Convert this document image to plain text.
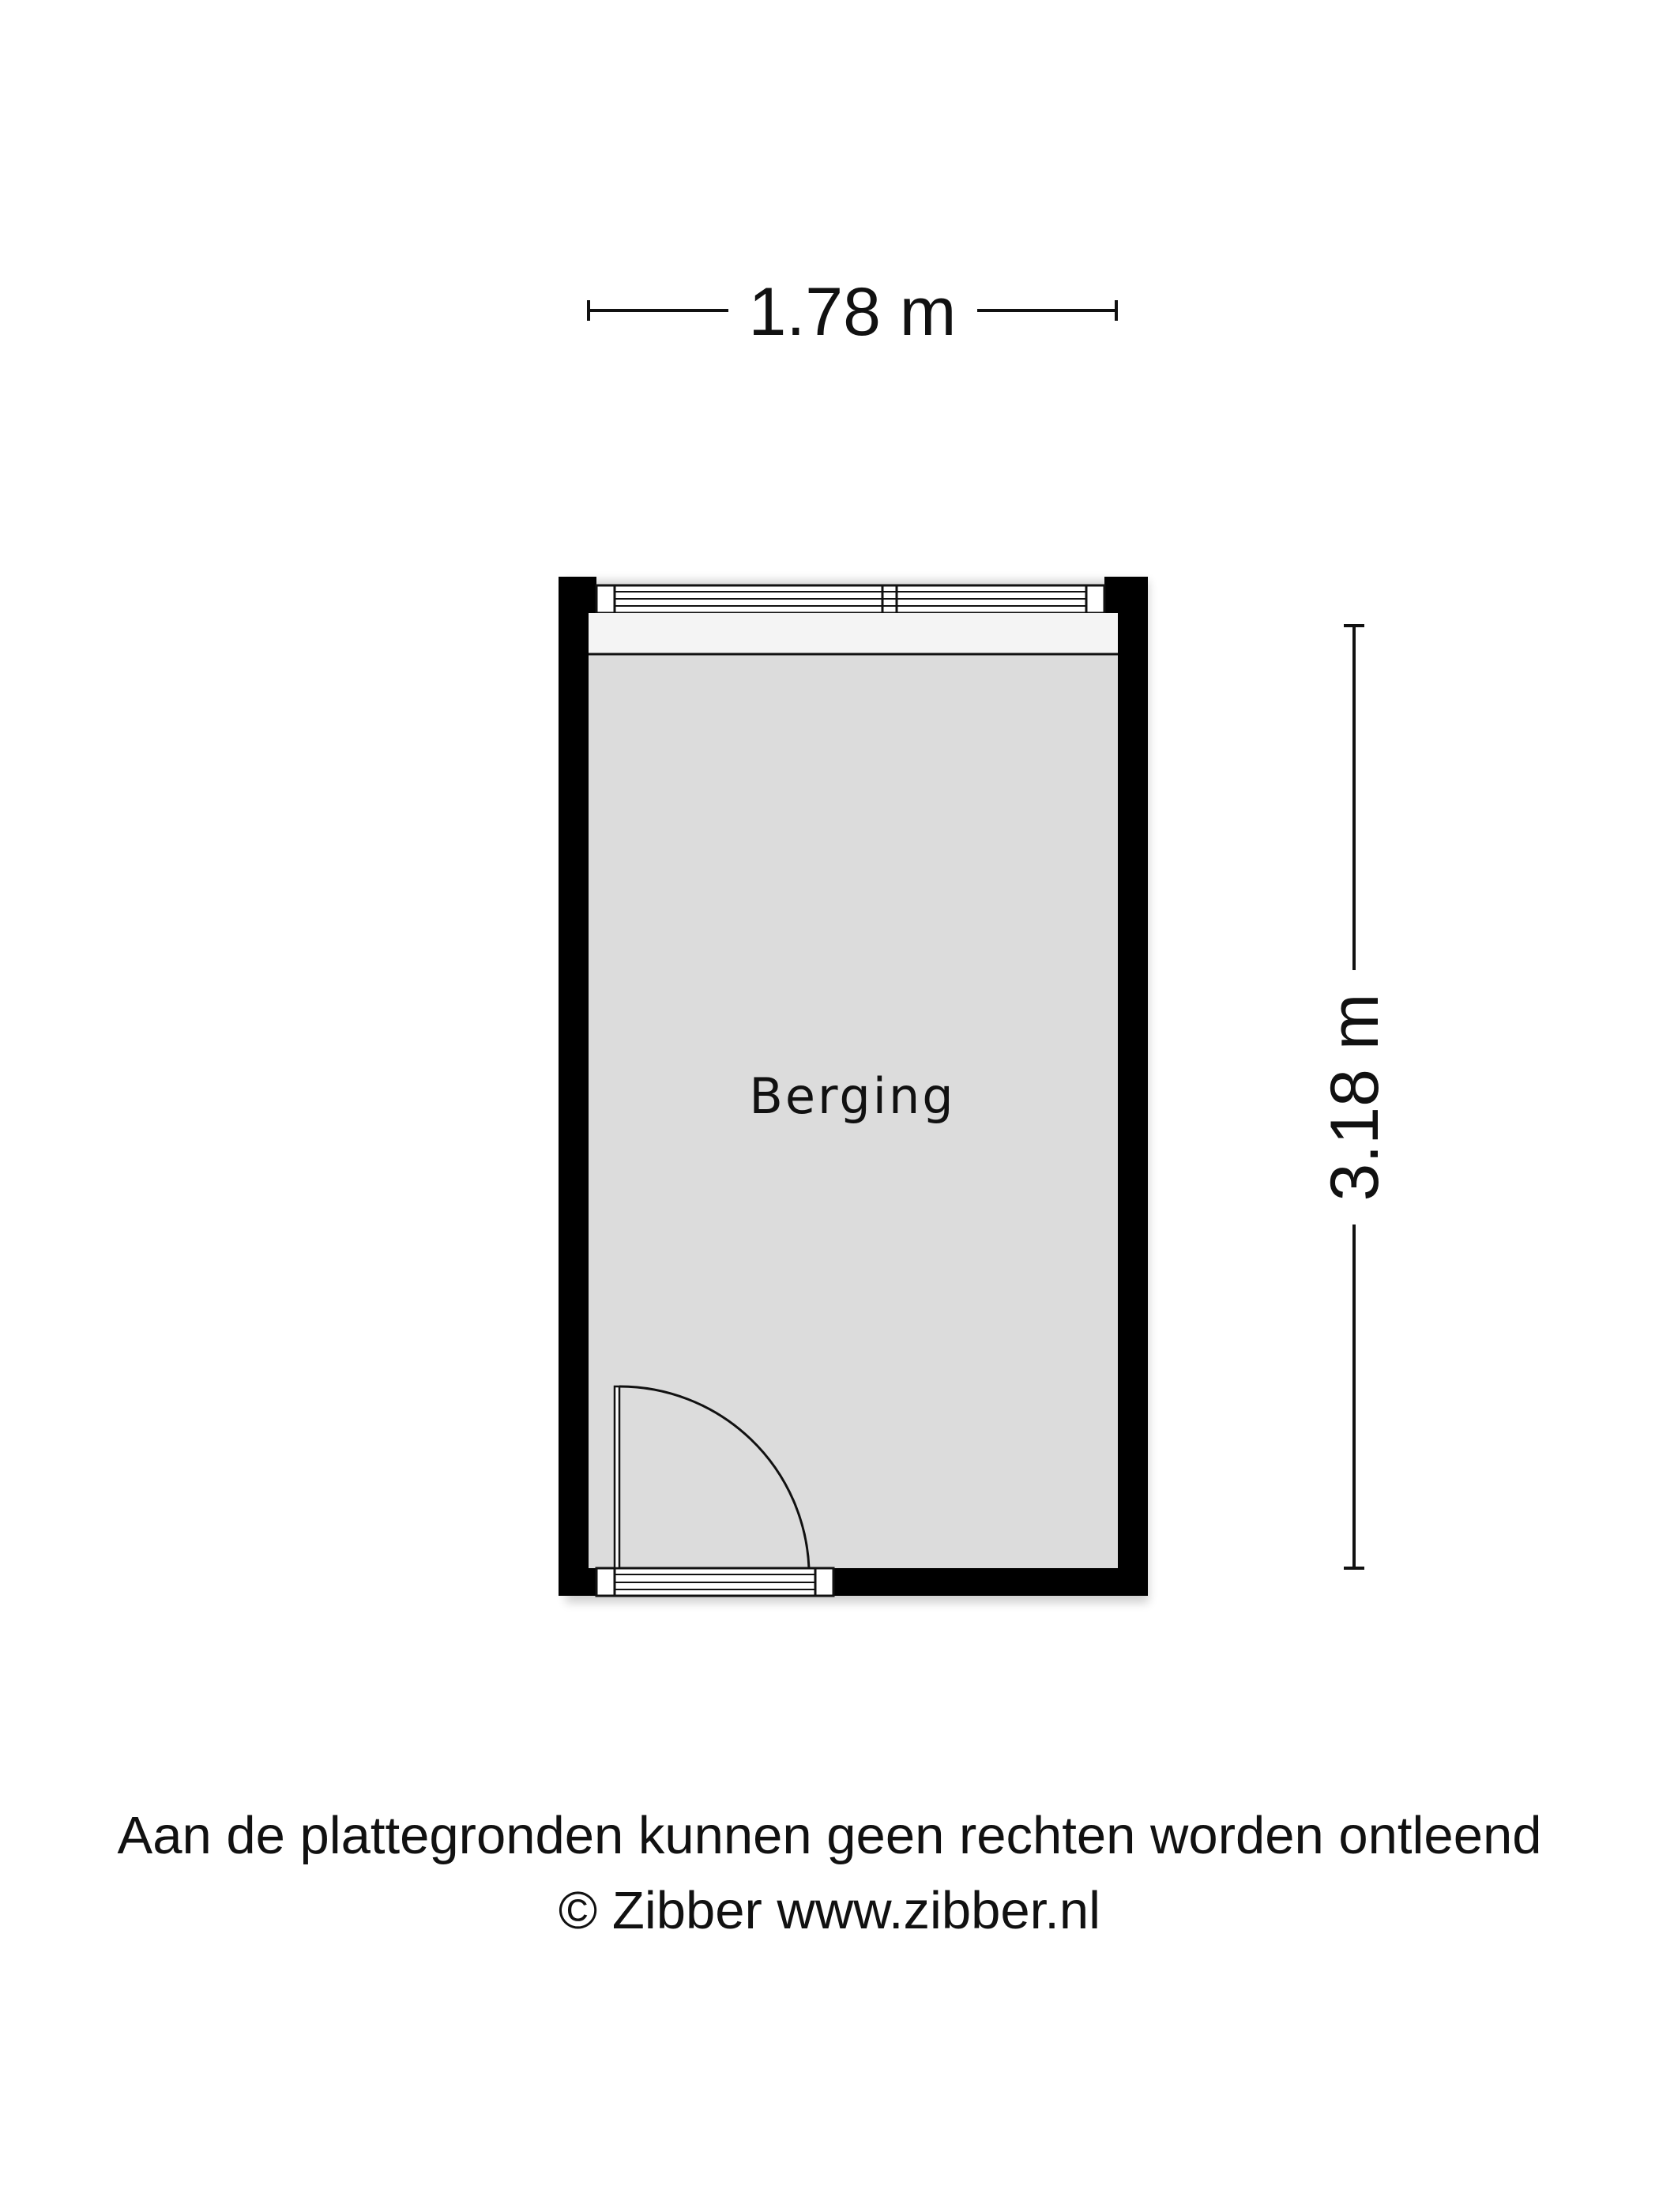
1.78 m
3.18 m
Berging
Aan de plattegronden kunnen geen rechten worden ontleend
© Zibber www.zibber.nl
